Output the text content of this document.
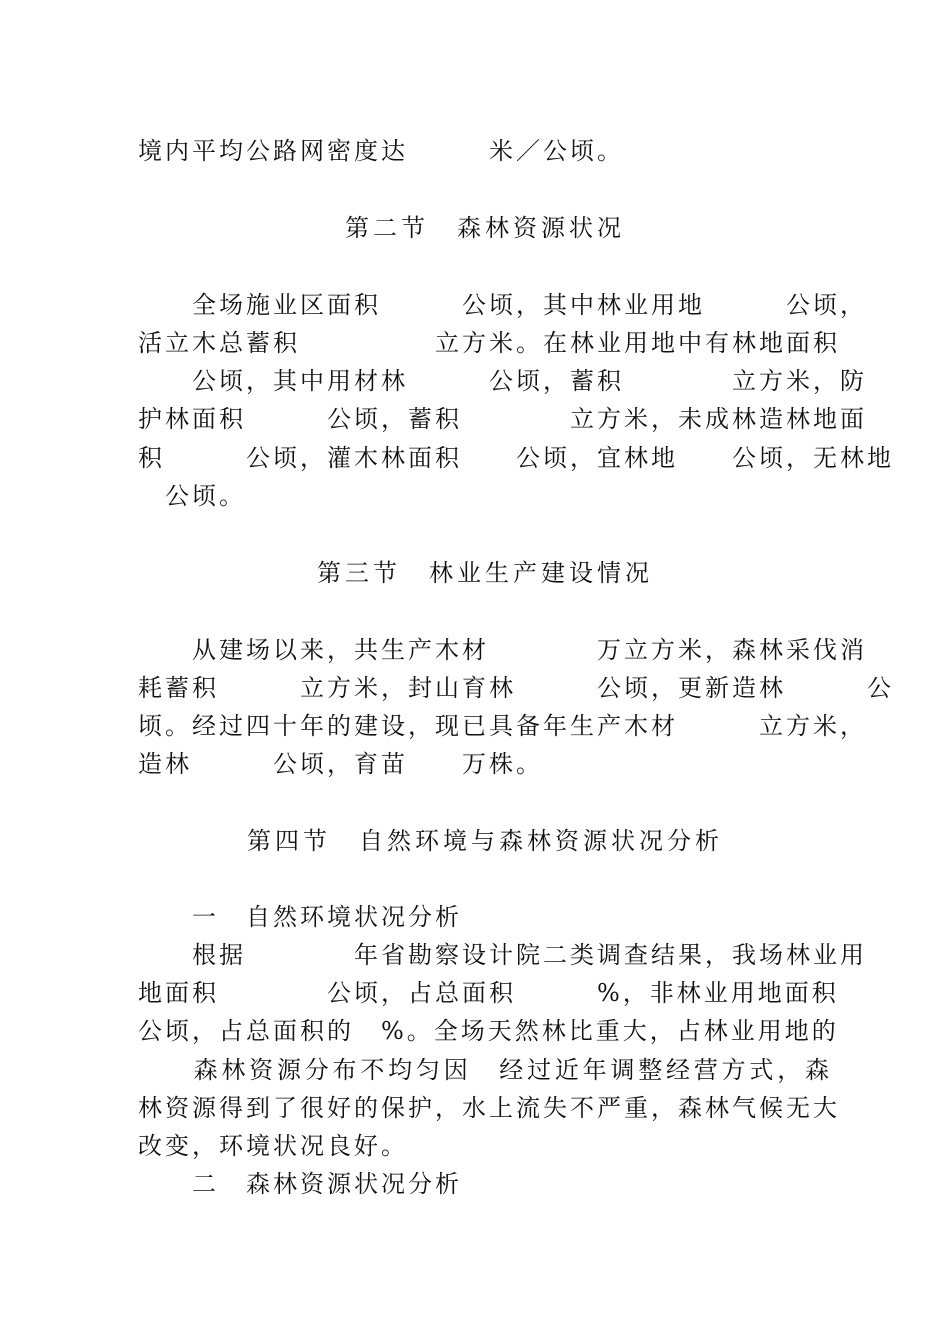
境内平均公路网密度达　　　米／公顷。
第二节　森林资源状况
　　全场施业区面积　　　公顷，其中林业用地　　　公顷，
活立木总蓄积　　　　　立方米。在林业用地中有林地面积
　　公顷，其中用材林　　　公顷，蓄积　　　　立方米，防
护林面积　　　公顷，蓄积　　　　立方米，未成林造林地面
积　　　公顷，灌木林面积　　公顷，宜林地　　公顷，无林地
　公顷。
第三节　林业生产建设情况
　　从建场以来，共生产木材　　　　万立方米，森林采伐消
耗蓄积　　　立方米，封山育林　　　公顷，更新造林　　　公
顷。经过四十年的建设，现已具备年生产木材　　　立方米，
造林　　　公顷，育苗　　万株。
第四节　自然环境与森林资源状况分析
　　一　自然环境状况分析
　　根据　　　　年省勘察设计院二类调查结果，我场林业用
地面积　　　　公顷，占总面积　　　%，非林业用地面积　
公顷，占总面积的　%。全场天然林比重大，占林业用地的
　　森林资源分布不均匀因　经过近年调整经营方式，森
林资源得到了很好的保护，水上流失不严重，森林气候无大
改变，环境状况良好。
　　二　森林资源状况分析
